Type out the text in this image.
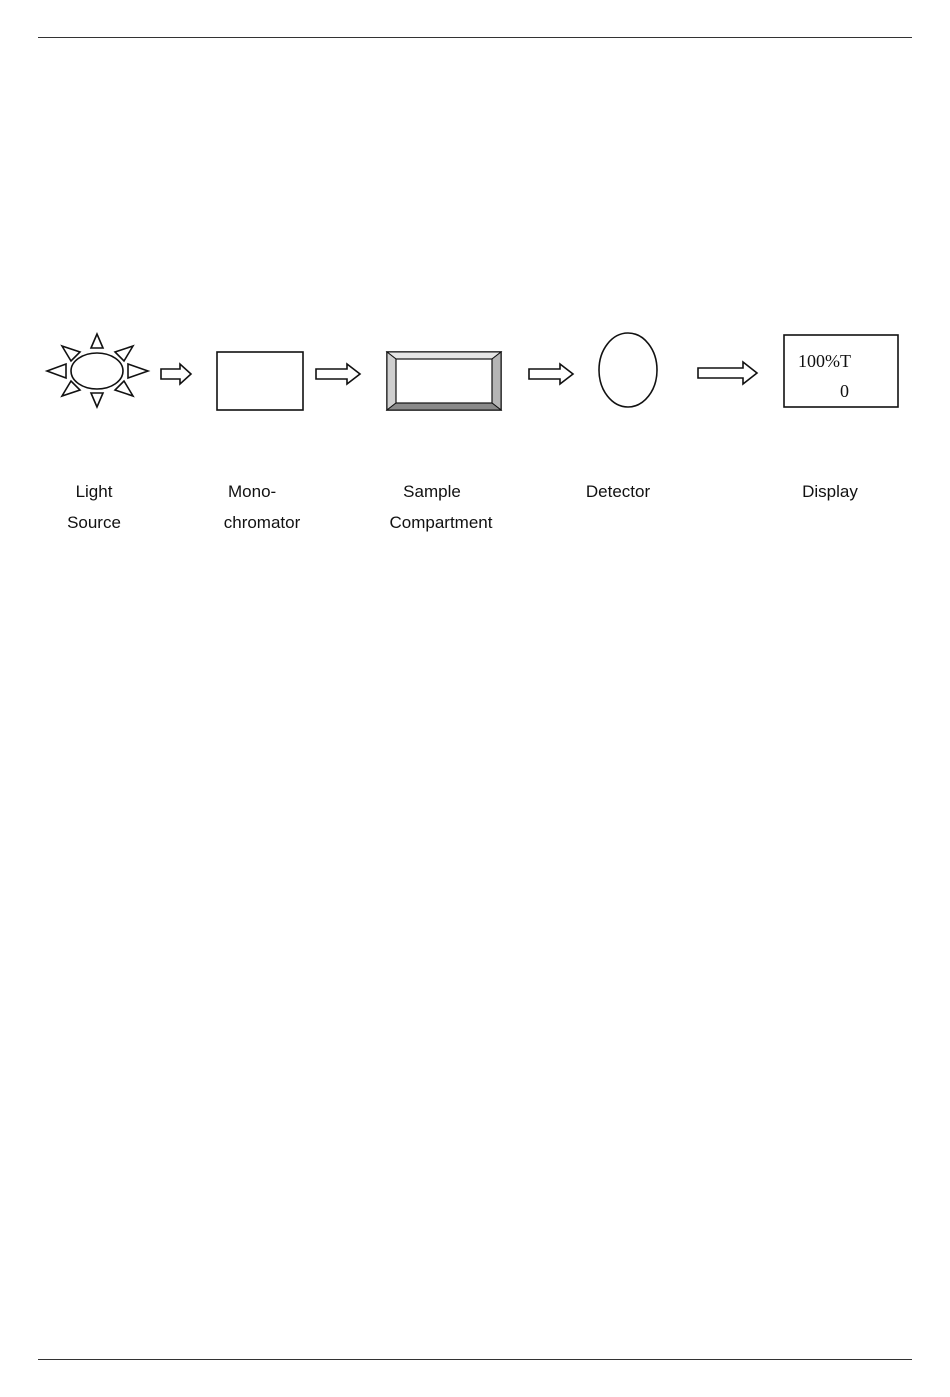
100%T
0
Light
Source
Mono-
chromator
Sample
Compartment
Detector	Display
